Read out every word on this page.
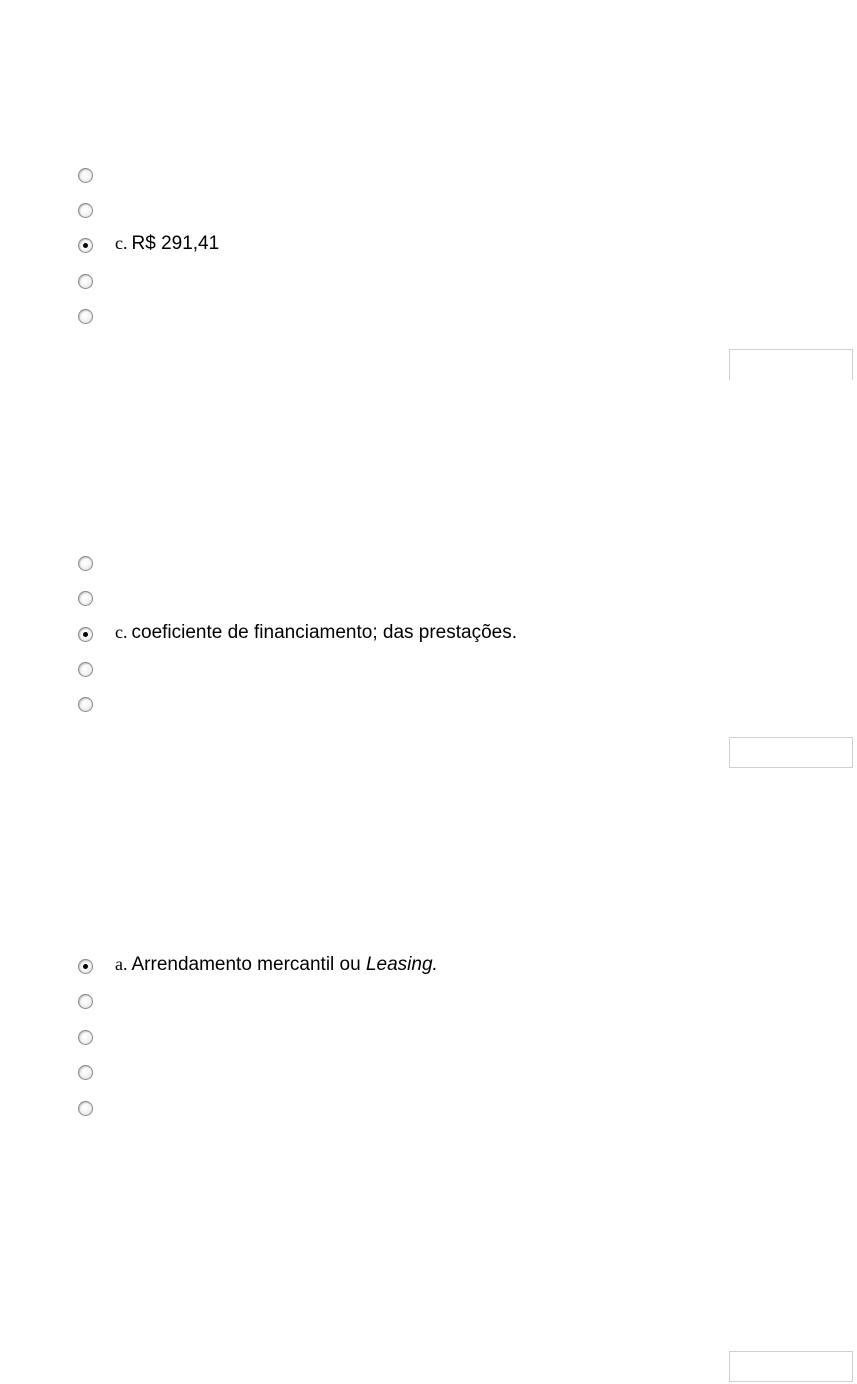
c. R$ 291,41
c. coeficiente de financiamento; das prestações.
a. Arrendamento mercantil ou Leasing.
